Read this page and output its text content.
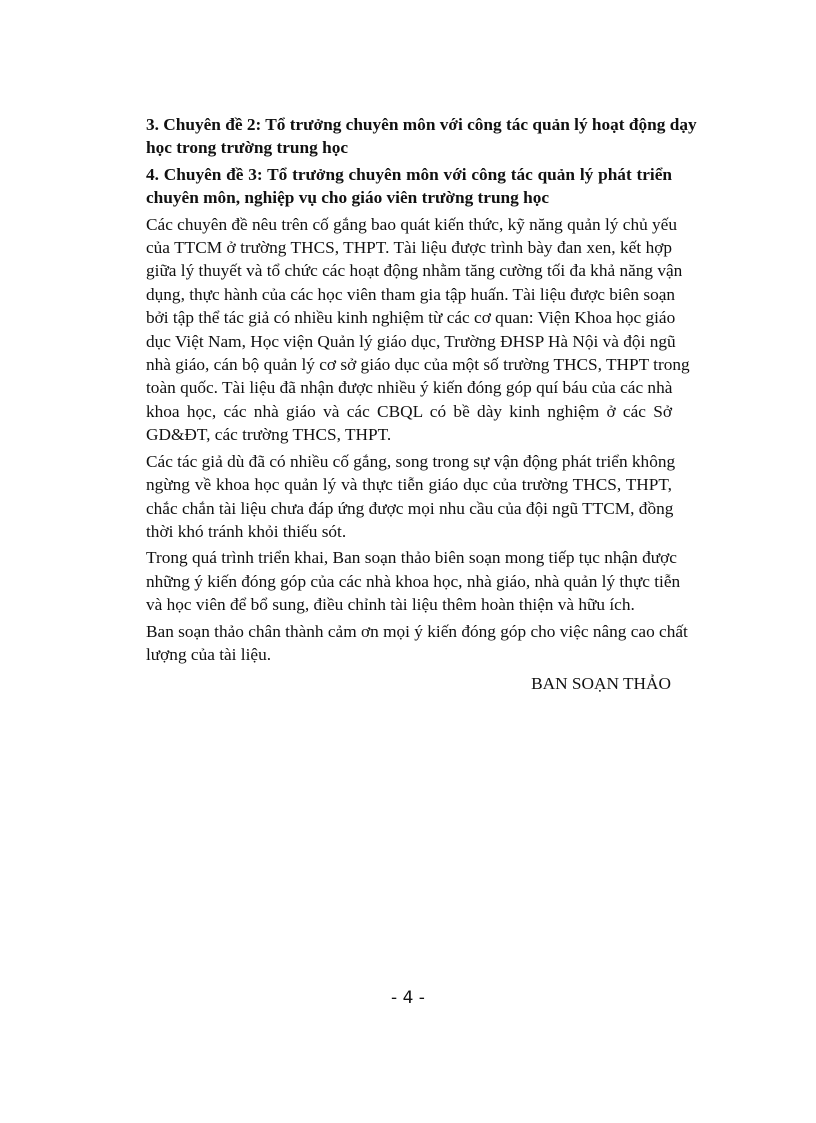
3. Chuyên đề 2: Tổ trưởng chuyên môn với công tác quản lý hoạt động dạy
học trong trường trung học
4. Chuyên đề 3: Tổ trưởng chuyên môn với công tác quản lý phát triển
chuyên môn, nghiệp vụ cho giáo viên trường trung học
Các chuyên đề nêu trên cố gắng bao quát kiến thức, kỹ năng quản lý chủ yếu
của TTCM ở trường THCS, THPT. Tài liệu được trình bày đan xen, kết hợp
giữa lý thuyết và tổ chức các hoạt động nhằm tăng cường tối đa khả năng vận
dụng, thực hành của các học viên tham gia tập huấn. Tài liệu được biên soạn
bởi tập thể tác giả có nhiều kinh nghiệm từ các cơ quan: Viện Khoa học giáo
dục Việt Nam, Học viện Quản lý giáo dục, Trường ĐHSP Hà Nội và đội ngũ
nhà giáo, cán bộ quản lý cơ sở giáo dục của một số trường THCS, THPT trong
toàn quốc. Tài liệu đã nhận được nhiều ý kiến đóng góp quí báu của các nhà
khoa học, các nhà giáo và các CBQL có bề dày kinh nghiệm ở các Sở
GD&ĐT, các trường THCS, THPT.
Các tác giả dù đã có nhiều cố gắng, song trong sự vận động phát triển không
ngừng về khoa học quản lý và thực tiễn giáo dục của trường THCS, THPT,
chắc chắn tài liệu chưa đáp ứng được mọi nhu cầu của đội ngũ TTCM, đồng
thời khó tránh khỏi thiếu sót.
Trong quá trình triển khai, Ban soạn thảo biên soạn mong tiếp tục nhận được
những ý kiến đóng góp của các nhà khoa học, nhà giáo, nhà quản lý thực tiễn
và học viên để bổ sung, điều chỉnh tài liệu thêm hoàn thiện và hữu ích.
Ban soạn thảo chân thành cảm ơn mọi ý kiến đóng góp cho việc nâng cao chất
lượng của tài liệu.
BAN SOẠN THẢO
- 4 -
